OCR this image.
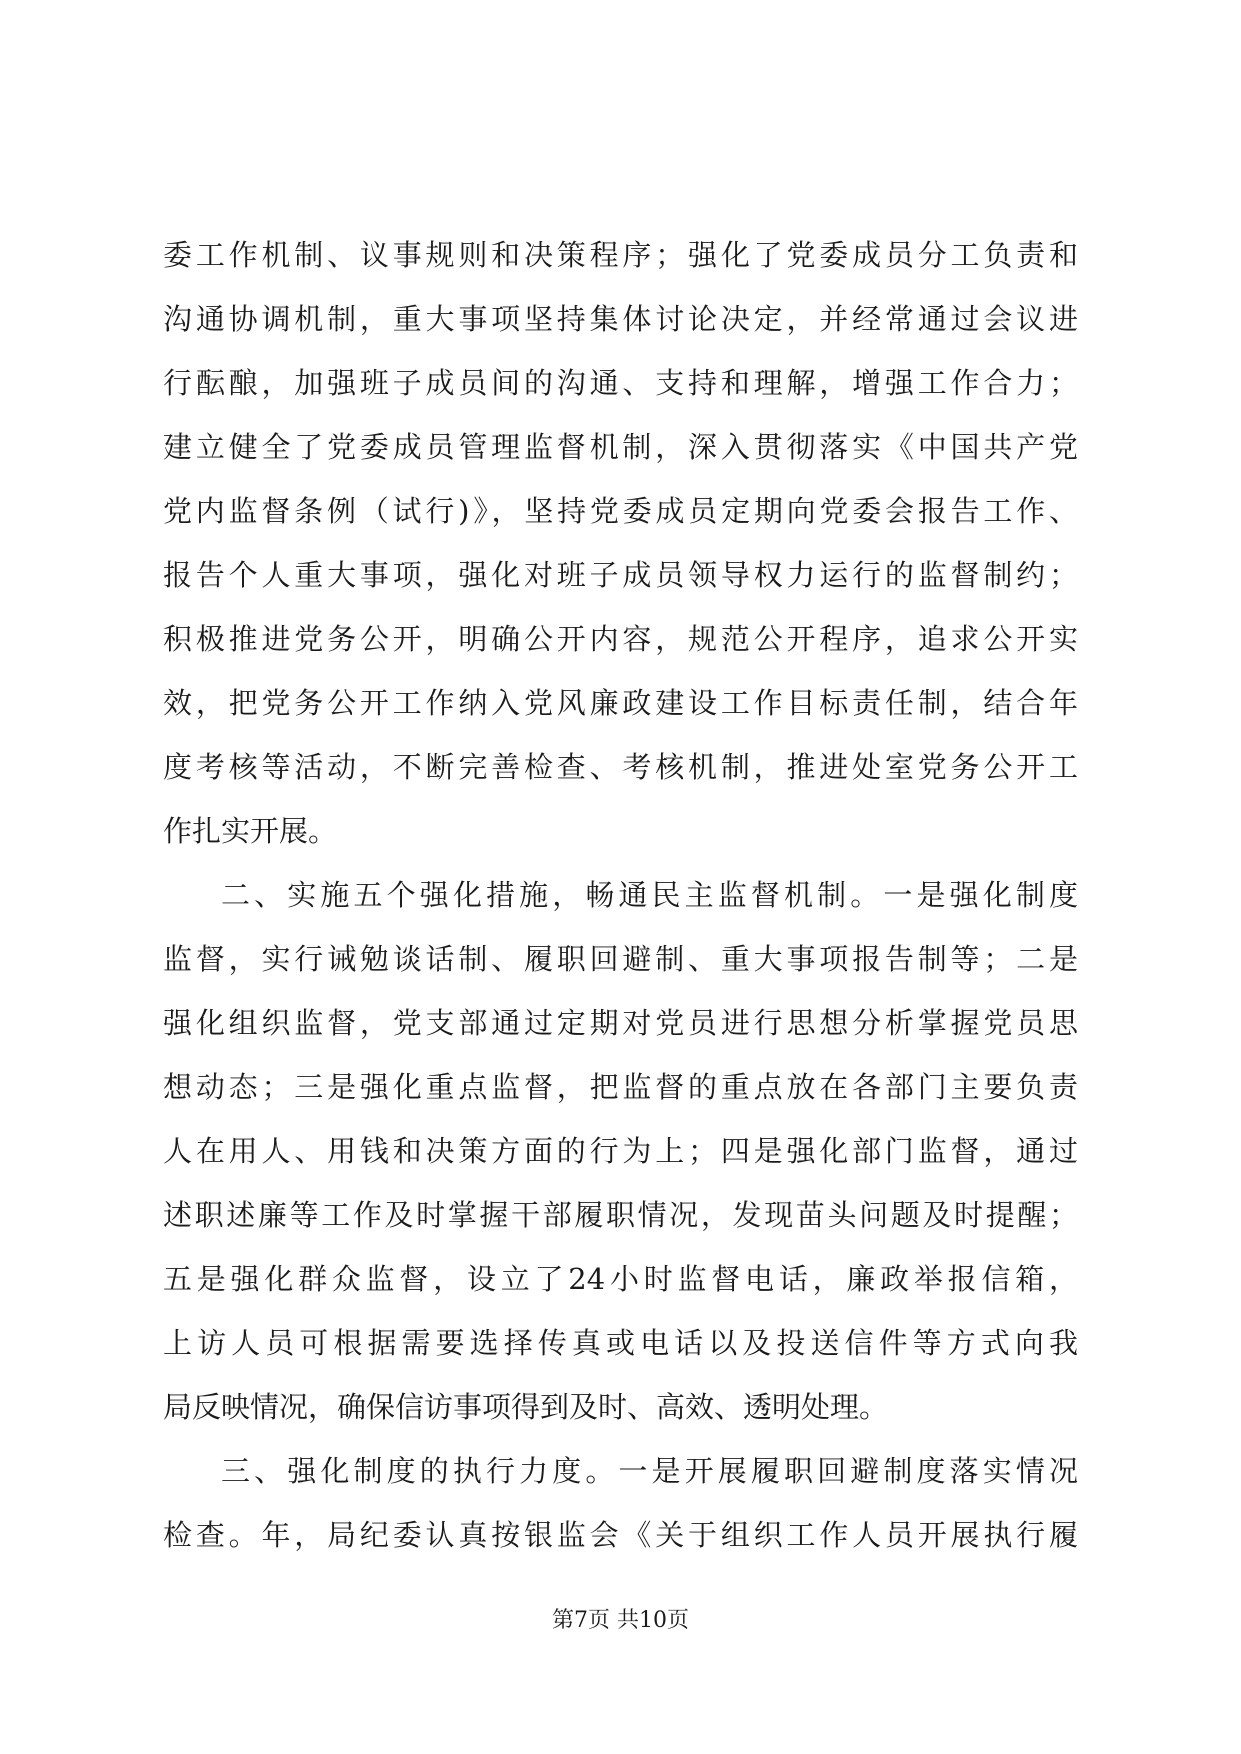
委工作机制、议事规则和决策程序；强化了党委成员分工负责和
沟通协调机制，重大事项坚持集体讨论决定，并经常通过会议进
行酝酿，加强班子成员间的沟通、支持和理解，增强工作合力；
建立健全了党委成员管理监督机制，深入贯彻落实《中国共产党
党内监督条例（试行)》，坚持党委成员定期向党委会报告工作、
报告个人重大事项，强化对班子成员领导权力运行的监督制约；
积极推进党务公开，明确公开内容，规范公开程序，追求公开实
效，把党务公开工作纳入党风廉政建设工作目标责任制，结合年
度考核等活动，不断完善检查、考核机制，推进处室党务公开工
作扎实开展。
二、实施五个强化措施，畅通民主监督机制。一是强化制度
监督，实行诫勉谈话制、履职回避制、重大事项报告制等；二是
强化组织监督，党支部通过定期对党员进行思想分析掌握党员思
想动态；三是强化重点监督，把监督的重点放在各部门主要负责
人在用人、用钱和决策方面的行为上；四是强化部门监督，通过
述职述廉等工作及时掌握干部履职情况，发现苗头问题及时提醒；
五是强化群众监督，设立了24小时监督电话，廉政举报信箱，
上访人员可根据需要选择传真或电话以及投送信件等方式向我
局反映情况，确保信访事项得到及时、高效、透明处理。
三、强化制度的执行力度。一是开展履职回避制度落实情况
检查。年，局纪委认真按银监会《关于组织工作人员开展执行履
第7页 共10页
